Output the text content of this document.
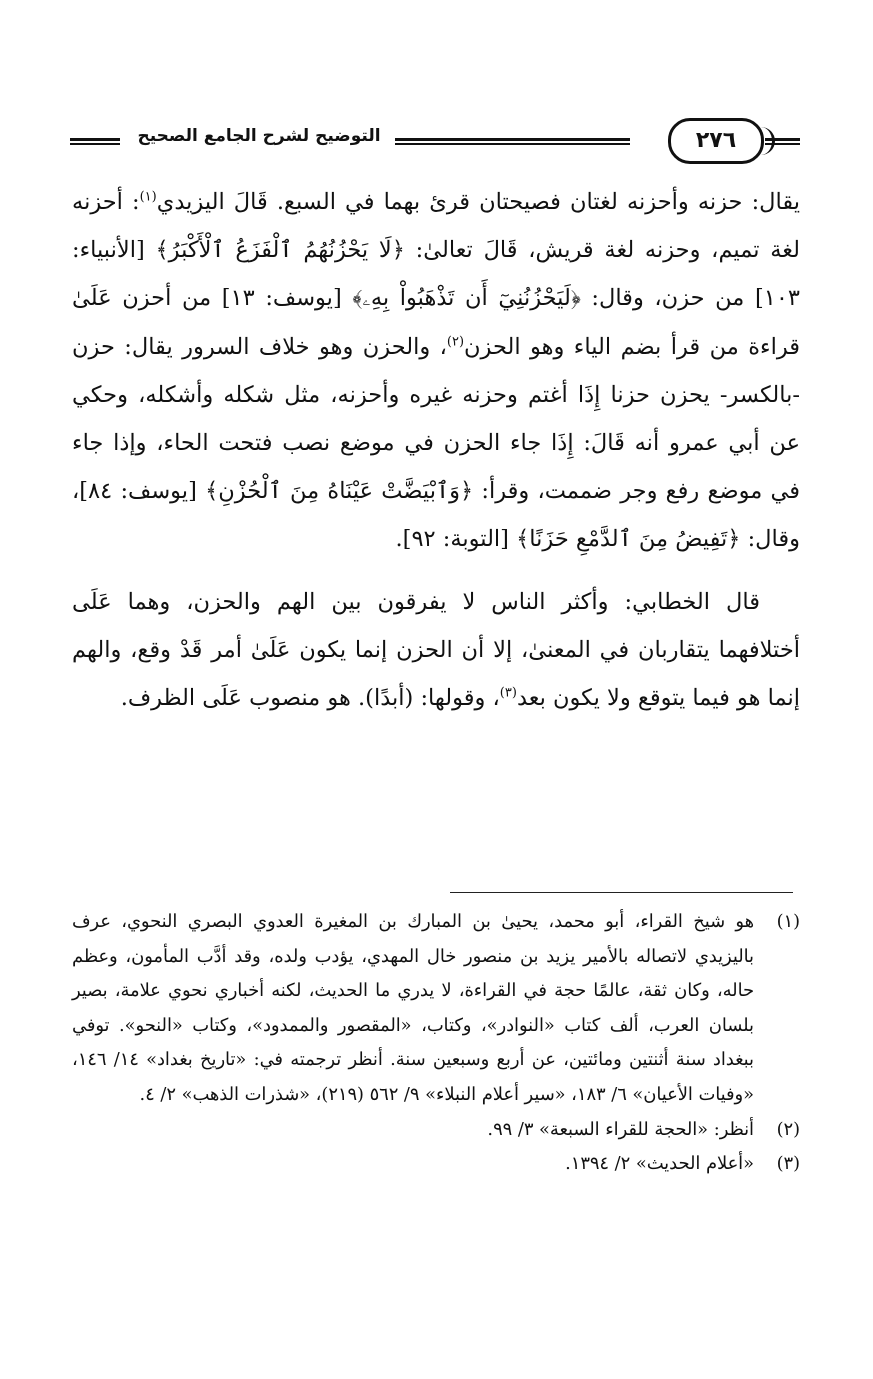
التوضيح لشرح الجامع الصحيح	٢٧٦

يقال: حزنه وأحزنه لغتان فصيحتان قرئ بهما في السبع. قَالَ اليزيدي$^{(١)}$: أحزنه لغة تميم، وحزنه لغة قريش، قَالَ تعالىٰ: ﴿لَا يَحْزُنُهُمُ ٱلْفَزَعُ ٱلْأَكْبَرُ﴾ [الأنبياء: ١٠٣] من حزن، وقال: ﴿لَيَحْزُنُنِيٓ أَن تَذْهَبُواْ بِهِۦ﴾ [يوسف: ١٣] من أحزن عَلَىٰ قراءة من قرأ بضم الياء وهو الحزن$^{(٢)}$، والحزن وهو خلاف السرور يقال: حزن -بالكسر- يحزن حزنا إِذَا أغتم وحزنه غيره وأحزنه، مثل شكله وأشكله، وحكي عن أبي عمرو أنه قَالَ: إِذَا جاء الحزن في موضع نصب فتحت الحاء، وإذا جاء في موضع رفع وجر ضممت، وقرأ: ﴿وَٱبْيَضَّتْ عَيْنَاهُ مِنَ ٱلْحُزْنِ﴾ [يوسف: ٨٤]، وقال: ﴿تَفِيضُ مِنَ ٱلدَّمْعِ حَزَنًا﴾ [التوبة: ٩٢].

قال الخطابي: وأكثر الناس لا يفرقون بين الهم والحزن، وهما عَلَى أختلافهما يتقاربان في المعنىٰ، إلا أن الحزن إنما يكون عَلَىٰ أمر قَدْ وقع، والهم إنما هو فيما يتوقع ولا يكون بعد$^{(٣)}$، وقولها: (أبدًا). هو منصوب عَلَى الظرف.

(١)
هو شيخ القراء، أبو محمد، يحيىٰ بن المبارك بن المغيرة العدوي البصري النحوي، عرف باليزيدي لاتصاله بالأمير يزيد بن منصور خال المهدي، يؤدب ولده، وقد أدَّب المأمون، وعظم حاله، وكان ثقة، عالمًا حجة في القراءة، لا يدري ما الحديث، لكنه أخباري نحوي علامة، بصير بلسان العرب، ألف كتاب «النوادر»، وكتاب، «المقصور والممدود»، وكتاب «النحو». توفي ببغداد سنة أثنتين ومائتين، عن أربع وسبعين سنة. أنظر ترجمته في: «تاريخ بغداد» ١٤/ ١٤٦، «وفيات الأعيان» ٦/ ١٨٣، «سير أعلام النبلاء» ٩/ ٥٦٢ (٢١٩)، «شذرات الذهب» ٢/ ٤.
(٢)
أنظر: «الحجة للقراء السبعة» ٣/ ٩٩.
(٣)
«أعلام الحديث» ٢/ ١٣٩٤.
